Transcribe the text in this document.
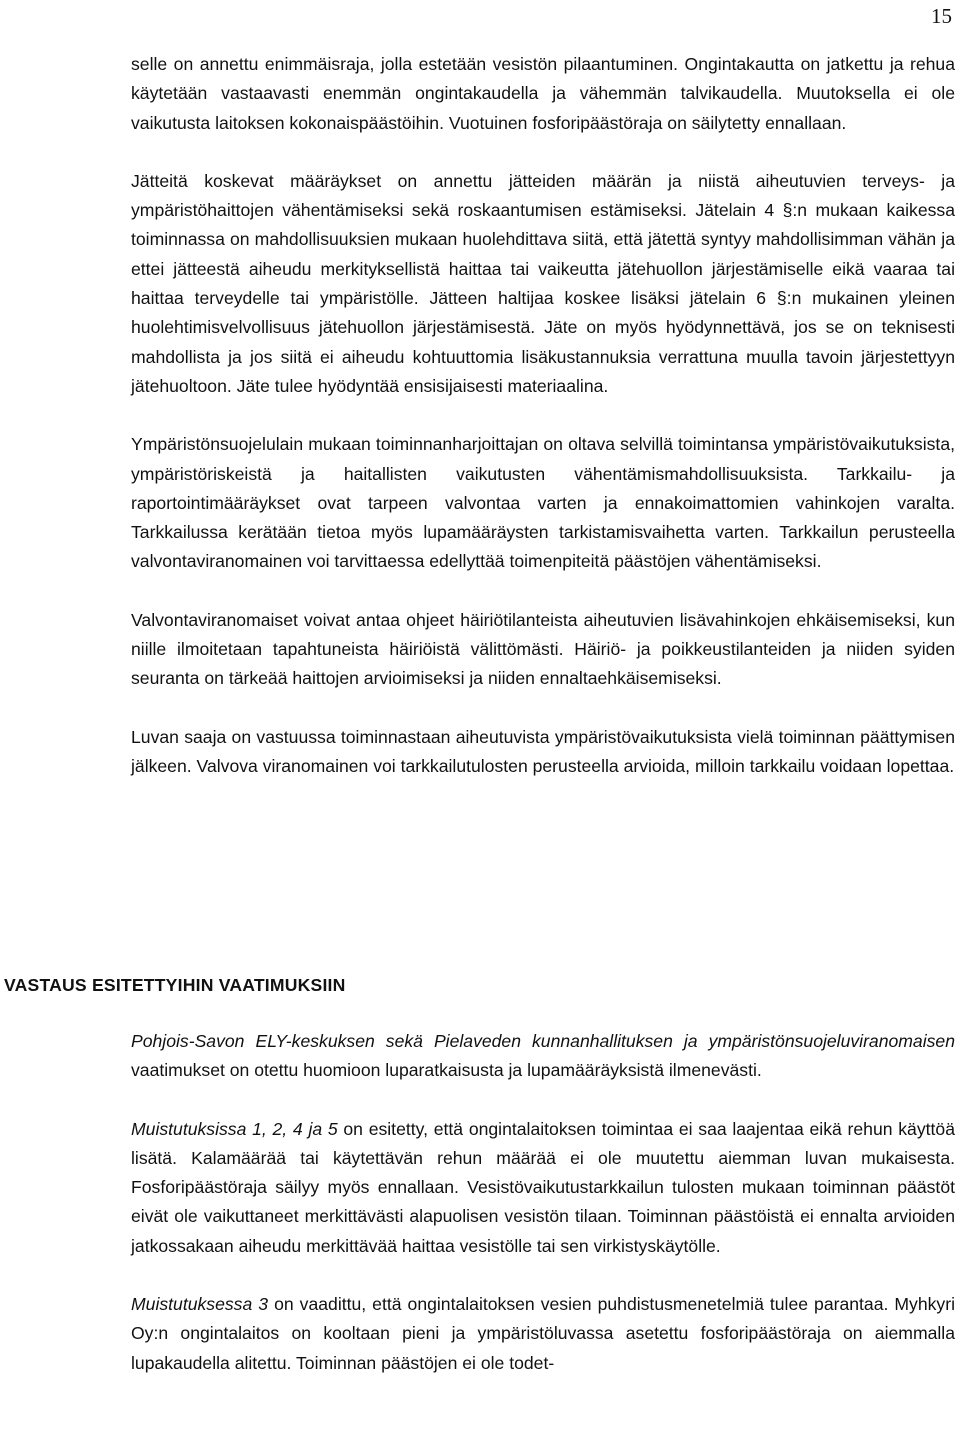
15

selle on annettu enimmäisraja, jolla estetään vesistön pilaantuminen. Ongintakautta on jatkettu ja rehua käytetään vastaavasti enemmän ongintakaudella ja vähemmän talvikaudella. Muutoksella ei ole vaikutusta laitoksen kokonaispäästöihin. Vuotuinen fosforipäästöraja on säilytetty ennallaan.

Jätteitä koskevat määräykset on annettu jätteiden määrän ja niistä aiheutuvien terveys- ja ympäristöhaittojen vähentämiseksi sekä roskaantumisen estämiseksi. Jätelain 4 §:n mukaan kaikessa toiminnassa on mahdollisuuksien mukaan huolehdittava siitä, että jätettä syntyy mahdollisimman vähän ja ettei jätteestä aiheudu merkityksellistä haittaa tai vaikeutta jätehuollon järjestämiselle eikä vaaraa tai haittaa terveydelle tai ympäristölle. Jätteen haltijaa koskee lisäksi jätelain 6 §:n mukainen yleinen huolehtimisvelvollisuus jätehuollon järjestämisestä. Jäte on myös hyödynnettävä, jos se on teknisesti mahdollista ja jos siitä ei aiheudu kohtuuttomia lisäkustannuksia verrattuna muulla tavoin järjestettyyn jätehuoltoon. Jäte tulee hyödyntää ensisijaisesti materiaalina.

Ympäristönsuojelulain mukaan toiminnanharjoittajan on oltava selvillä toimintansa ympäristövaikutuksista, ympäristöriskeistä ja haitallisten vaikutusten vähentämismahdollisuuksista. Tarkkailu- ja raportointimääräykset ovat tarpeen valvontaa varten ja ennakoimattomien vahinkojen varalta. Tarkkailussa kerätään tietoa myös lupamääräysten tarkistamisvaihetta varten. Tarkkailun perusteella valvontaviranomainen voi tarvittaessa edellyttää toimenpiteitä päästöjen vähentämiseksi.

Valvontaviranomaiset voivat antaa ohjeet häiriötilanteista aiheutuvien lisävahinkojen ehkäisemiseksi, kun niille ilmoitetaan tapahtuneista häiriöistä välittömästi. Häiriö- ja poikkeustilanteiden ja niiden syiden seuranta on tärkeää haittojen arvioimiseksi ja niiden ennaltaehkäisemiseksi.

Luvan saaja on vastuussa toiminnastaan aiheutuvista ympäristövaikutuksista vielä toiminnan päättymisen jälkeen. Valvova viranomainen voi tarkkailutulosten perusteella arvioida, milloin tarkkailu voidaan lopettaa.

VASTAUS ESITETTYIHIN VAATIMUKSIIN

Pohjois-Savon ELY-keskuksen sekä Pielaveden kunnanhallituksen ja ympäristönsuojeluviranomaisen vaatimukset on otettu huomioon luparatkaisusta ja lupamääräyksistä ilmenevästi.

Muistutuksissa 1, 2, 4 ja 5 on esitetty, että ongintalaitoksen toimintaa ei saa laajentaa eikä rehun käyttöä lisätä. Kalamäärää tai käytettävän rehun määrää ei ole muutettu aiemman luvan mukaisesta. Fosforipäästöraja säilyy myös ennallaan. Vesistövaikutustarkkailun tulosten mukaan toiminnan päästöt eivät ole vaikuttaneet merkittävästi alapuolisen vesistön tilaan. Toiminnan päästöistä ei ennalta arvioiden jatkossakaan aiheudu merkittävää haittaa vesistölle tai sen virkistyskäytölle.

Muistutuksessa 3 on vaadittu, että ongintalaitoksen vesien puhdistusmenetelmiä tulee parantaa. Myhkyri Oy:n ongintalaitos on kooltaan pieni ja ympäristöluvassa asetettu fosforipäästöraja on aiemmalla lupakaudella alitettu. Toiminnan päästöjen ei ole todet-
